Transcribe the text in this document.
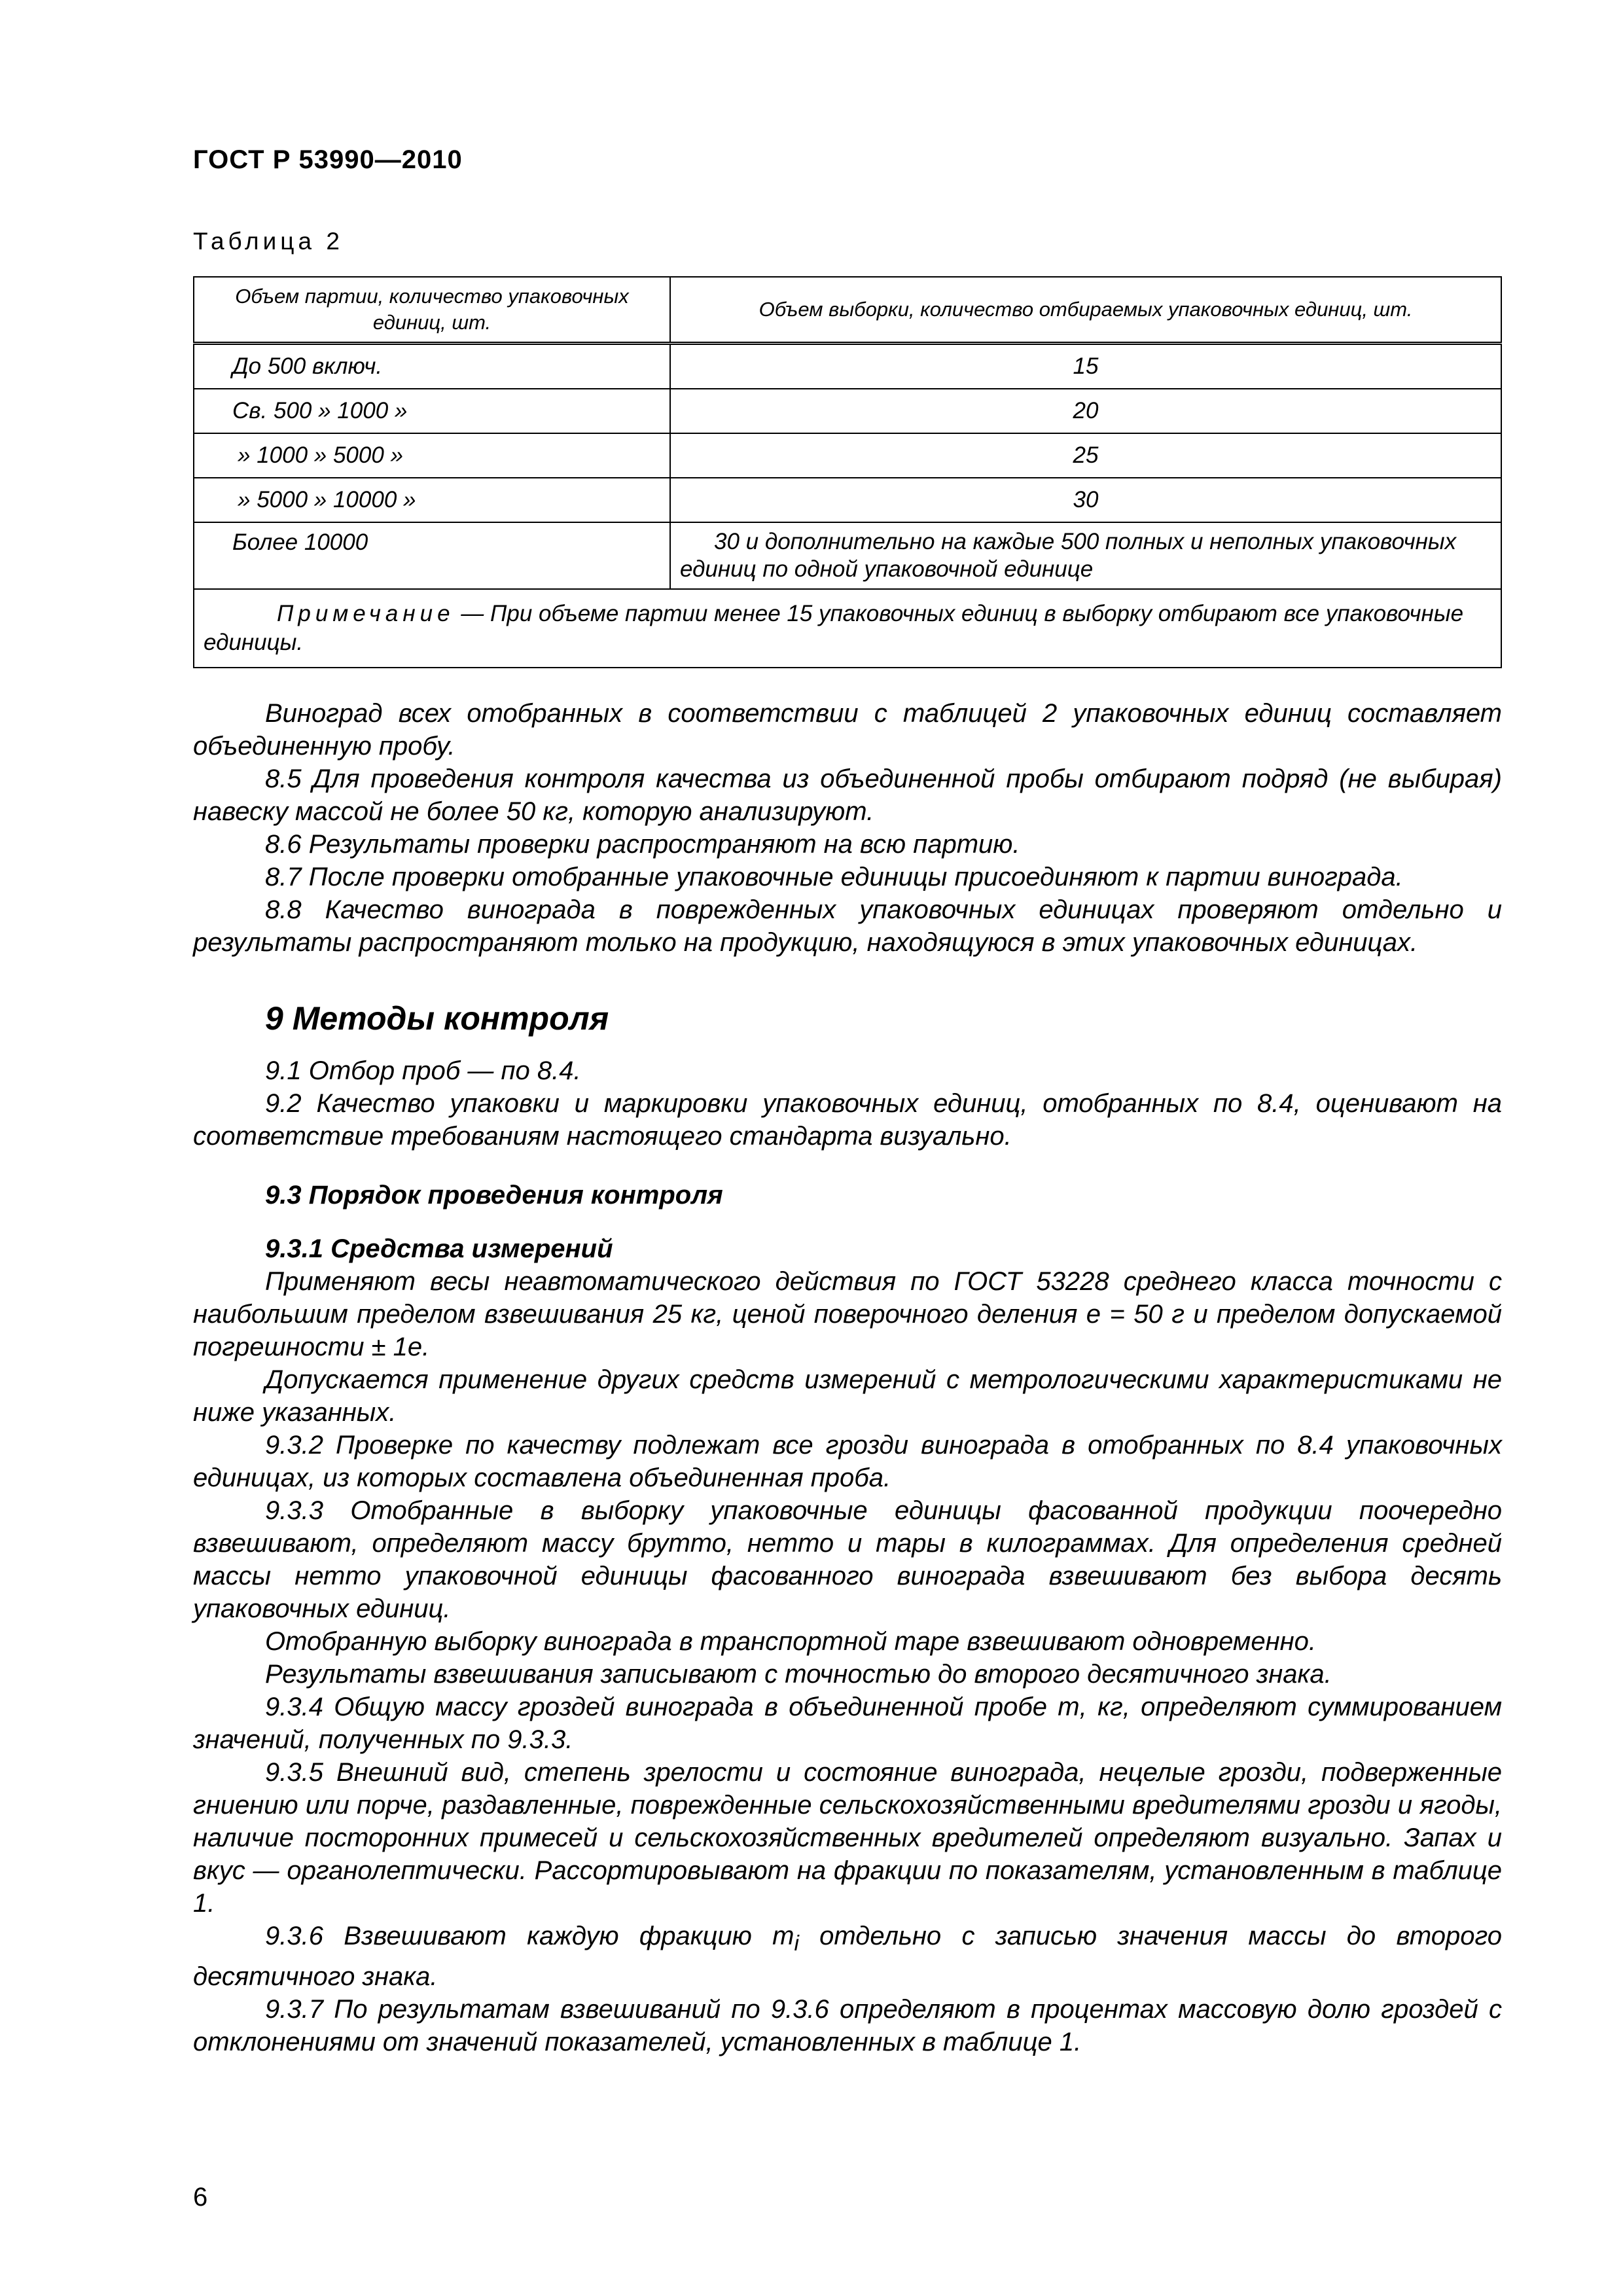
ГОСТ Р 53990—2010
Таблица 2
Объем партии, количество упаковочных единиц, шт.	Объем выборки, количество отбираемых упаковочных единиц, шт.
До 500 включ.	15
Св. 500 » 1000 »	20
» 1000 » 5000 »	25
» 5000 » 10000 »	30
Более 10000	30 и дополнительно на каждые 500 полных и неполных упаковочных единиц по одной упаковочной единице

Примечание — При объеме партии менее 15 упаковочных единиц в выборку отбирают все упаковочные единицы.	

Виноград всех отобранных в соответствии с таблицей 2 упаковочных единиц составляет объединенную пробу.

8.5 Для проведения контроля качества из объединенной пробы отбирают подряд (не выбирая) навеску массой не более 50 кг, которую анализируют.

8.6 Результаты проверки распространяют на всю партию.

8.7 После проверки отобранные упаковочные единицы присоединяют к партии винограда.

8.8 Качество винограда в поврежденных упаковочных единицах проверяют отдельно и результаты распространяют только на продукцию, находящуюся в этих упаковочных единицах.

9 Методы контроля

9.1 Отбор проб — по 8.4.

9.2 Качество упаковки и маркировки упаковочных единиц, отобранных по 8.4, оценивают на соответствие требованиям настоящего стандарта визуально.

9.3 Порядок проведения контроля
9.3.1 Средства измерений

Применяют весы неавтоматического действия по ГОСТ 53228 среднего класса точности с наибольшим пределом взвешивания 25 кг, ценой поверочного деления е = 50 г и пределом допускаемой погрешности ± 1е.

Допускается применение других средств измерений с метрологическими характеристиками не ниже указанных.

9.3.2 Проверке по качеству подлежат все грозди винограда в отобранных по 8.4 упаковочных единицах, из которых составлена объединенная проба.

9.3.3 Отобранные в выборку упаковочные единицы фасованной продукции поочередно взвешивают, определяют массу брутто, нетто и тары в килограммах. Для определения средней массы нетто упаковочной единицы фасованного винограда взвешивают без выбора десять упаковочных единиц.

Отобранную выборку винограда в транспортной таре взвешивают одновременно.

Результаты взвешивания записывают с точностью до второго десятичного знака.

9.3.4 Общую массу гроздей винограда в объединенной пробе m, кг, определяют суммированием значений, полученных по 9.3.3.

9.3.5 Внешний вид, степень зрелости и состояние винограда, нецелые грозди, подверженные гниению или порче, раздавленные, поврежденные сельскохозяйственными вредителями грозди и ягоды, наличие посторонних примесей и сельскохозяйственных вредителей определяют визуально. Запах и вкус — органолептически. Рассортировывают на фракции по показателям, установленным в таблице 1.

9.3.6 Взвешивают каждую фракцию $m_i$ отдельно с записью значения массы до второго десятичного знака.

9.3.7 По результатам взвешиваний по 9.3.6 определяют в процентах массовую долю гроздей с отклонениями от значений показателей, установленных в таблице 1.

6
